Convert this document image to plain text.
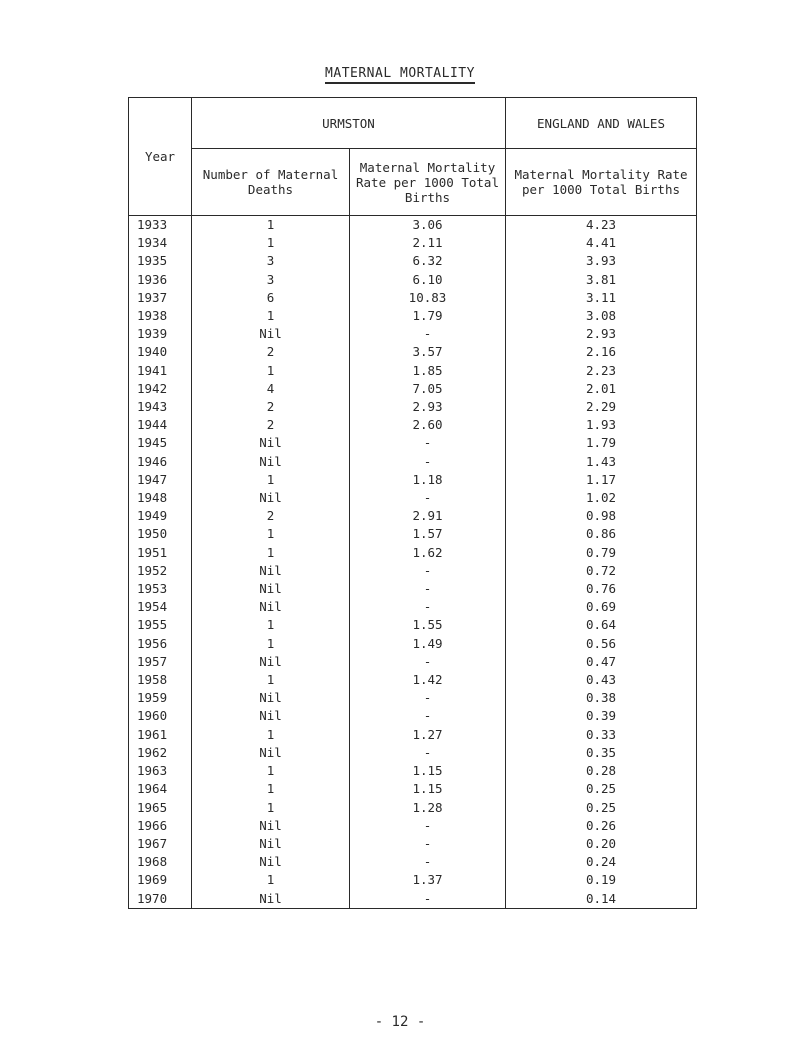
MATERNAL MORTALITY
Year	URMSTON		ENGLAND AND WALES
	Number of Maternal Deaths	Maternal Mortality Rate per 1000 Total Births	Maternal Mortality Rate per 1000 Total Births
1933	1	3.06	4.23
1934	1	2.11	4.41
1935	3	6.32	3.93
1936	3	6.10	3.81
1937	6	10.83	3.11
1938	1	1.79	3.08
1939	Nil	-	2.93
1940	2	3.57	2.16
1941	1	1.85	2.23
1942	4	7.05	2.01
1943	2	2.93	2.29
1944	2	2.60	1.93
1945	Nil	-	1.79
1946	Nil	-	1.43
1947	1	1.18	1.17
1948	Nil	-	1.02
1949	2	2.91	0.98
1950	1	1.57	0.86
1951	1	1.62	0.79
1952	Nil	-	0.72
1953	Nil	-	0.76
1954	Nil	-	0.69
1955	1	1.55	0.64
1956	1	1.49	0.56
1957	Nil	-	0.47
1958	1	1.42	0.43
1959	Nil	-	0.38
1960	Nil	-	0.39
1961	1	1.27	0.33
1962	Nil	-	0.35
1963	1	1.15	0.28
1964	1	1.15	0.25
1965	1	1.28	0.25
1966	Nil	-	0.26
1967	Nil	-	0.20
1968	Nil	-	0.24
1969	1	1.37	0.19
1970	Nil	-	0.14
- 12 -
